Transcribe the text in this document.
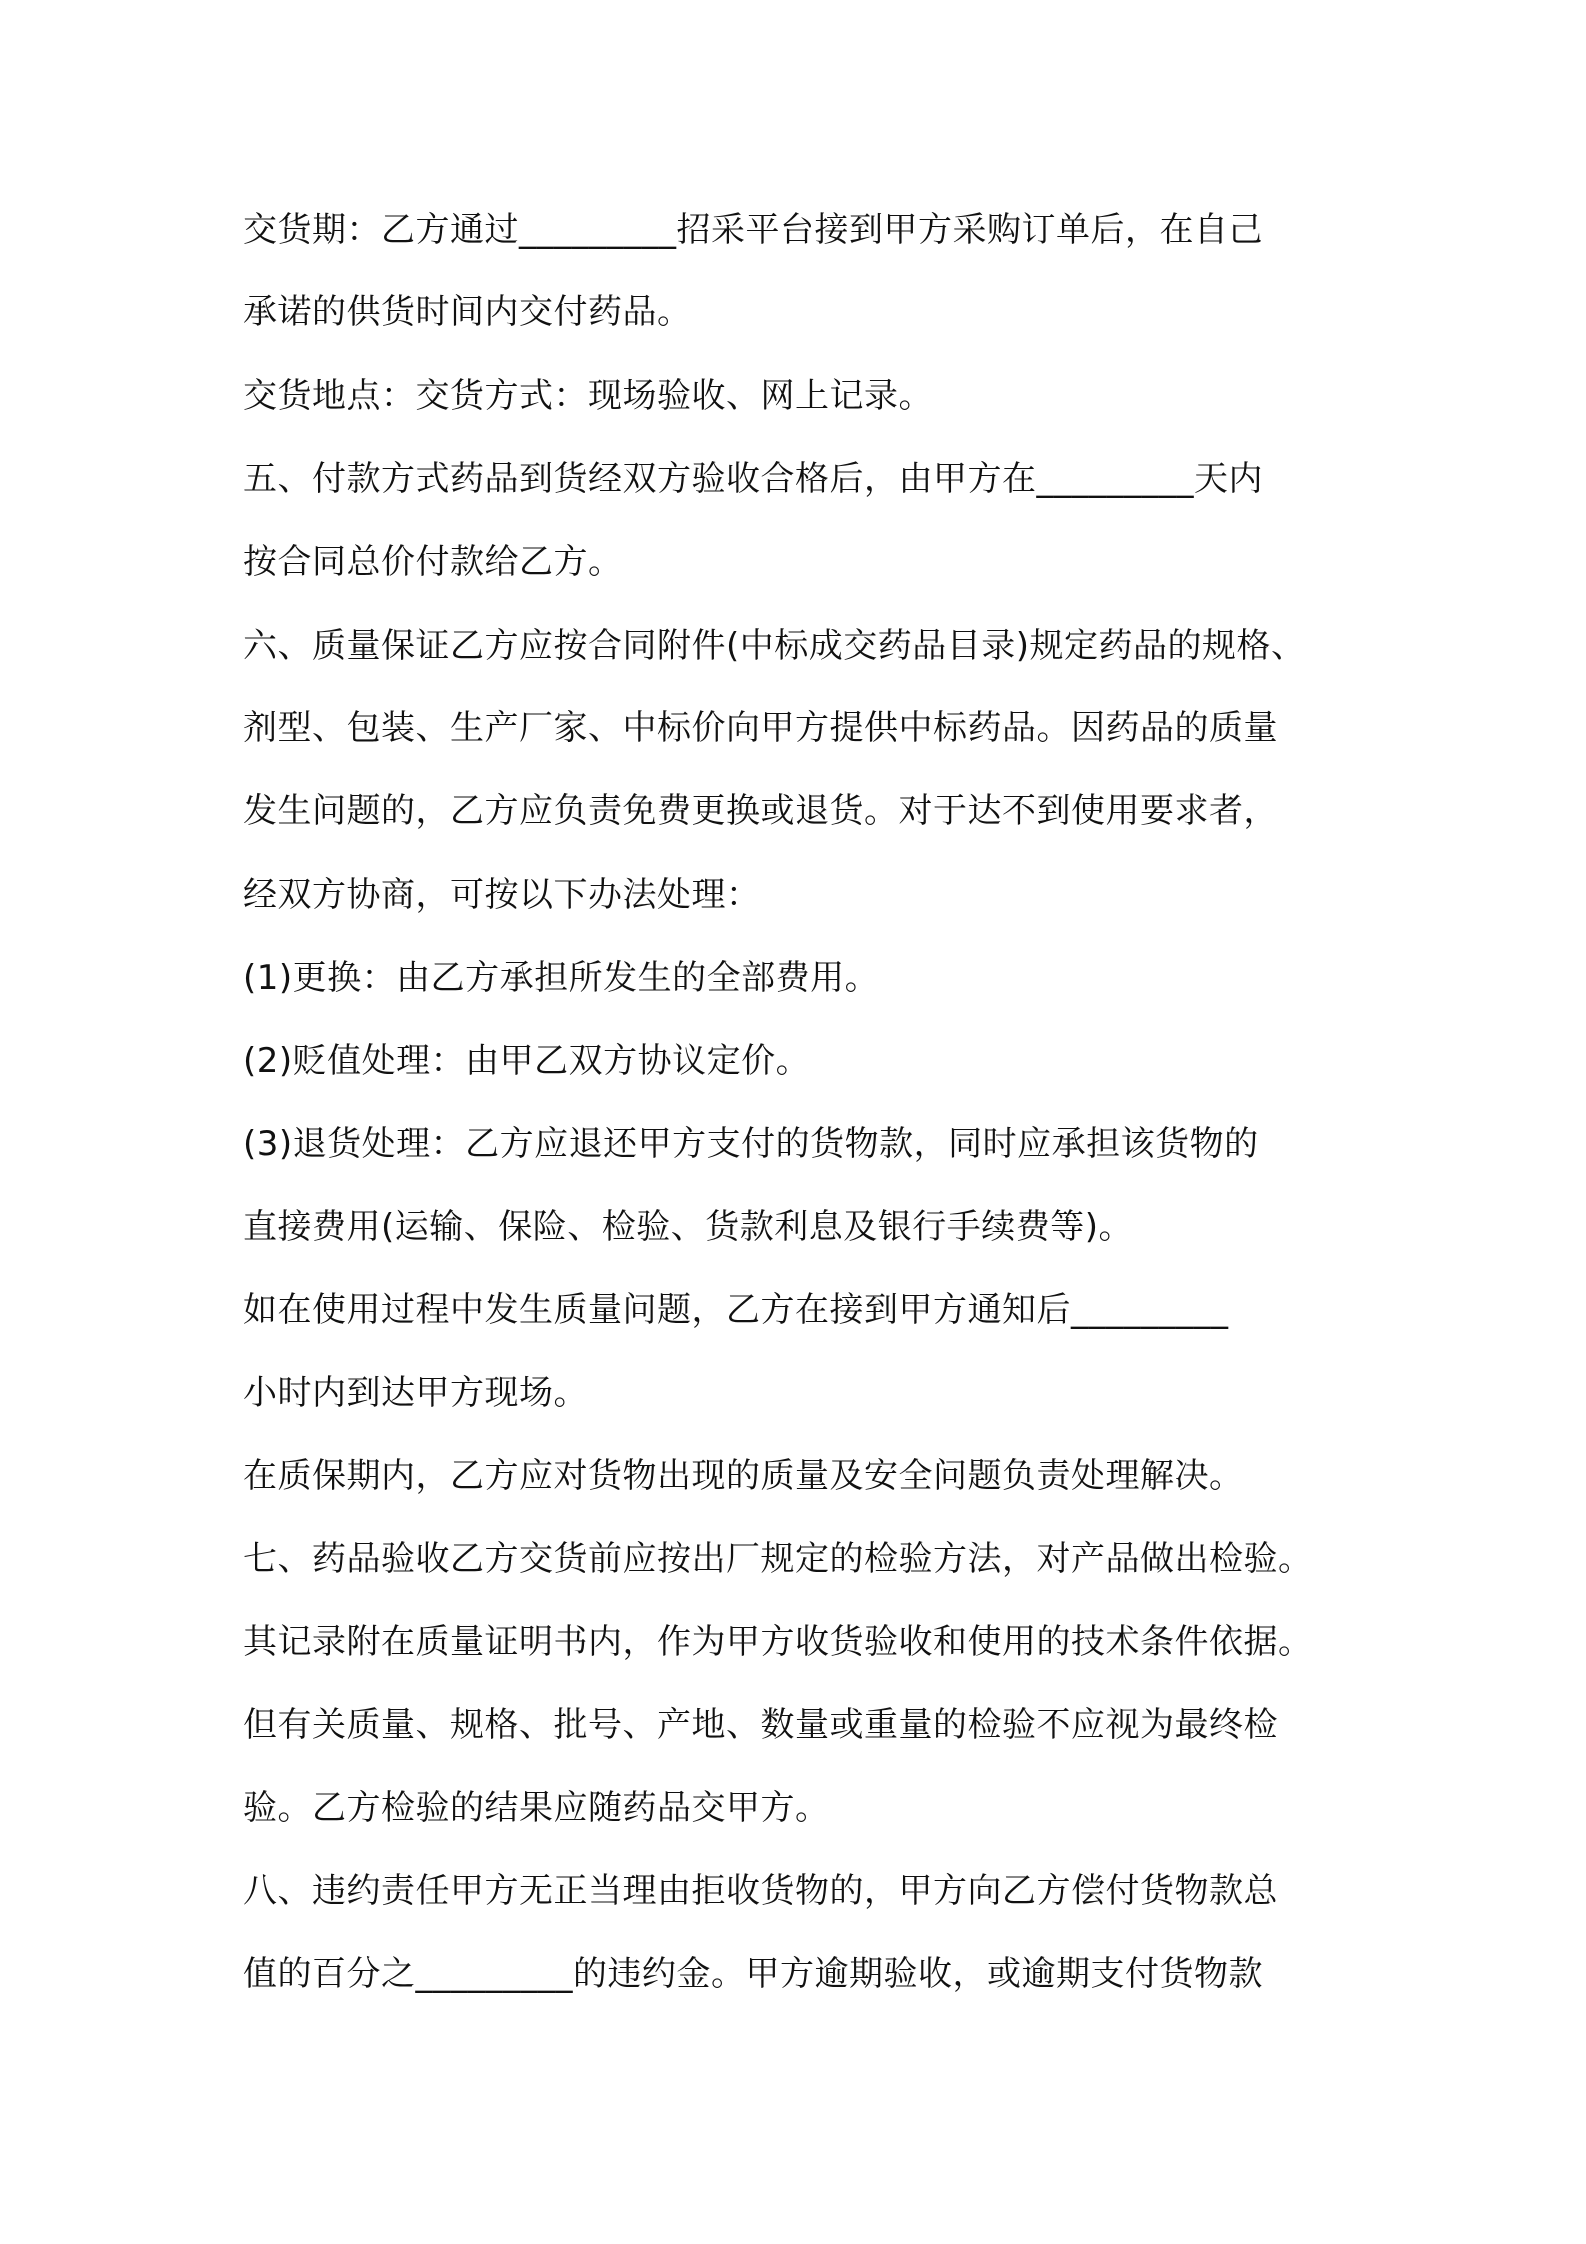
交货期：乙方通过_________招采平台接到甲方采购订单后，在自己
承诺的供货时间内交付药品。
交货地点：交货方式：现场验收、网上记录。
五、付款方式药品到货经双方验收合格后，由甲方在_________天内
按合同总价付款给乙方。
六、质量保证乙方应按合同附件(中标成交药品目录)规定药品的规格、
剂型、包装、生产厂家、中标价向甲方提供中标药品。因药品的质量
发生问题的，乙方应负责免费更换或退货。对于达不到使用要求者，
经双方协商，可按以下办法处理：
(1)更换：由乙方承担所发生的全部费用。
(2)贬值处理：由甲乙双方协议定价。
(3)退货处理：乙方应退还甲方支付的货物款，同时应承担该货物的
直接费用(运输、保险、检验、货款利息及银行手续费等)。
如在使用过程中发生质量问题，乙方在接到甲方通知后_________
小时内到达甲方现场。
在质保期内，乙方应对货物出现的质量及安全问题负责处理解决。
七、药品验收乙方交货前应按出厂规定的检验方法，对产品做出检验。
其记录附在质量证明书内，作为甲方收货验收和使用的技术条件依据。
但有关质量、规格、批号、产地、数量或重量的检验不应视为最终检
验。乙方检验的结果应随药品交甲方。
八、违约责任甲方无正当理由拒收货物的，甲方向乙方偿付货物款总
值的百分之_________的违约金。甲方逾期验收，或逾期支付货物款
